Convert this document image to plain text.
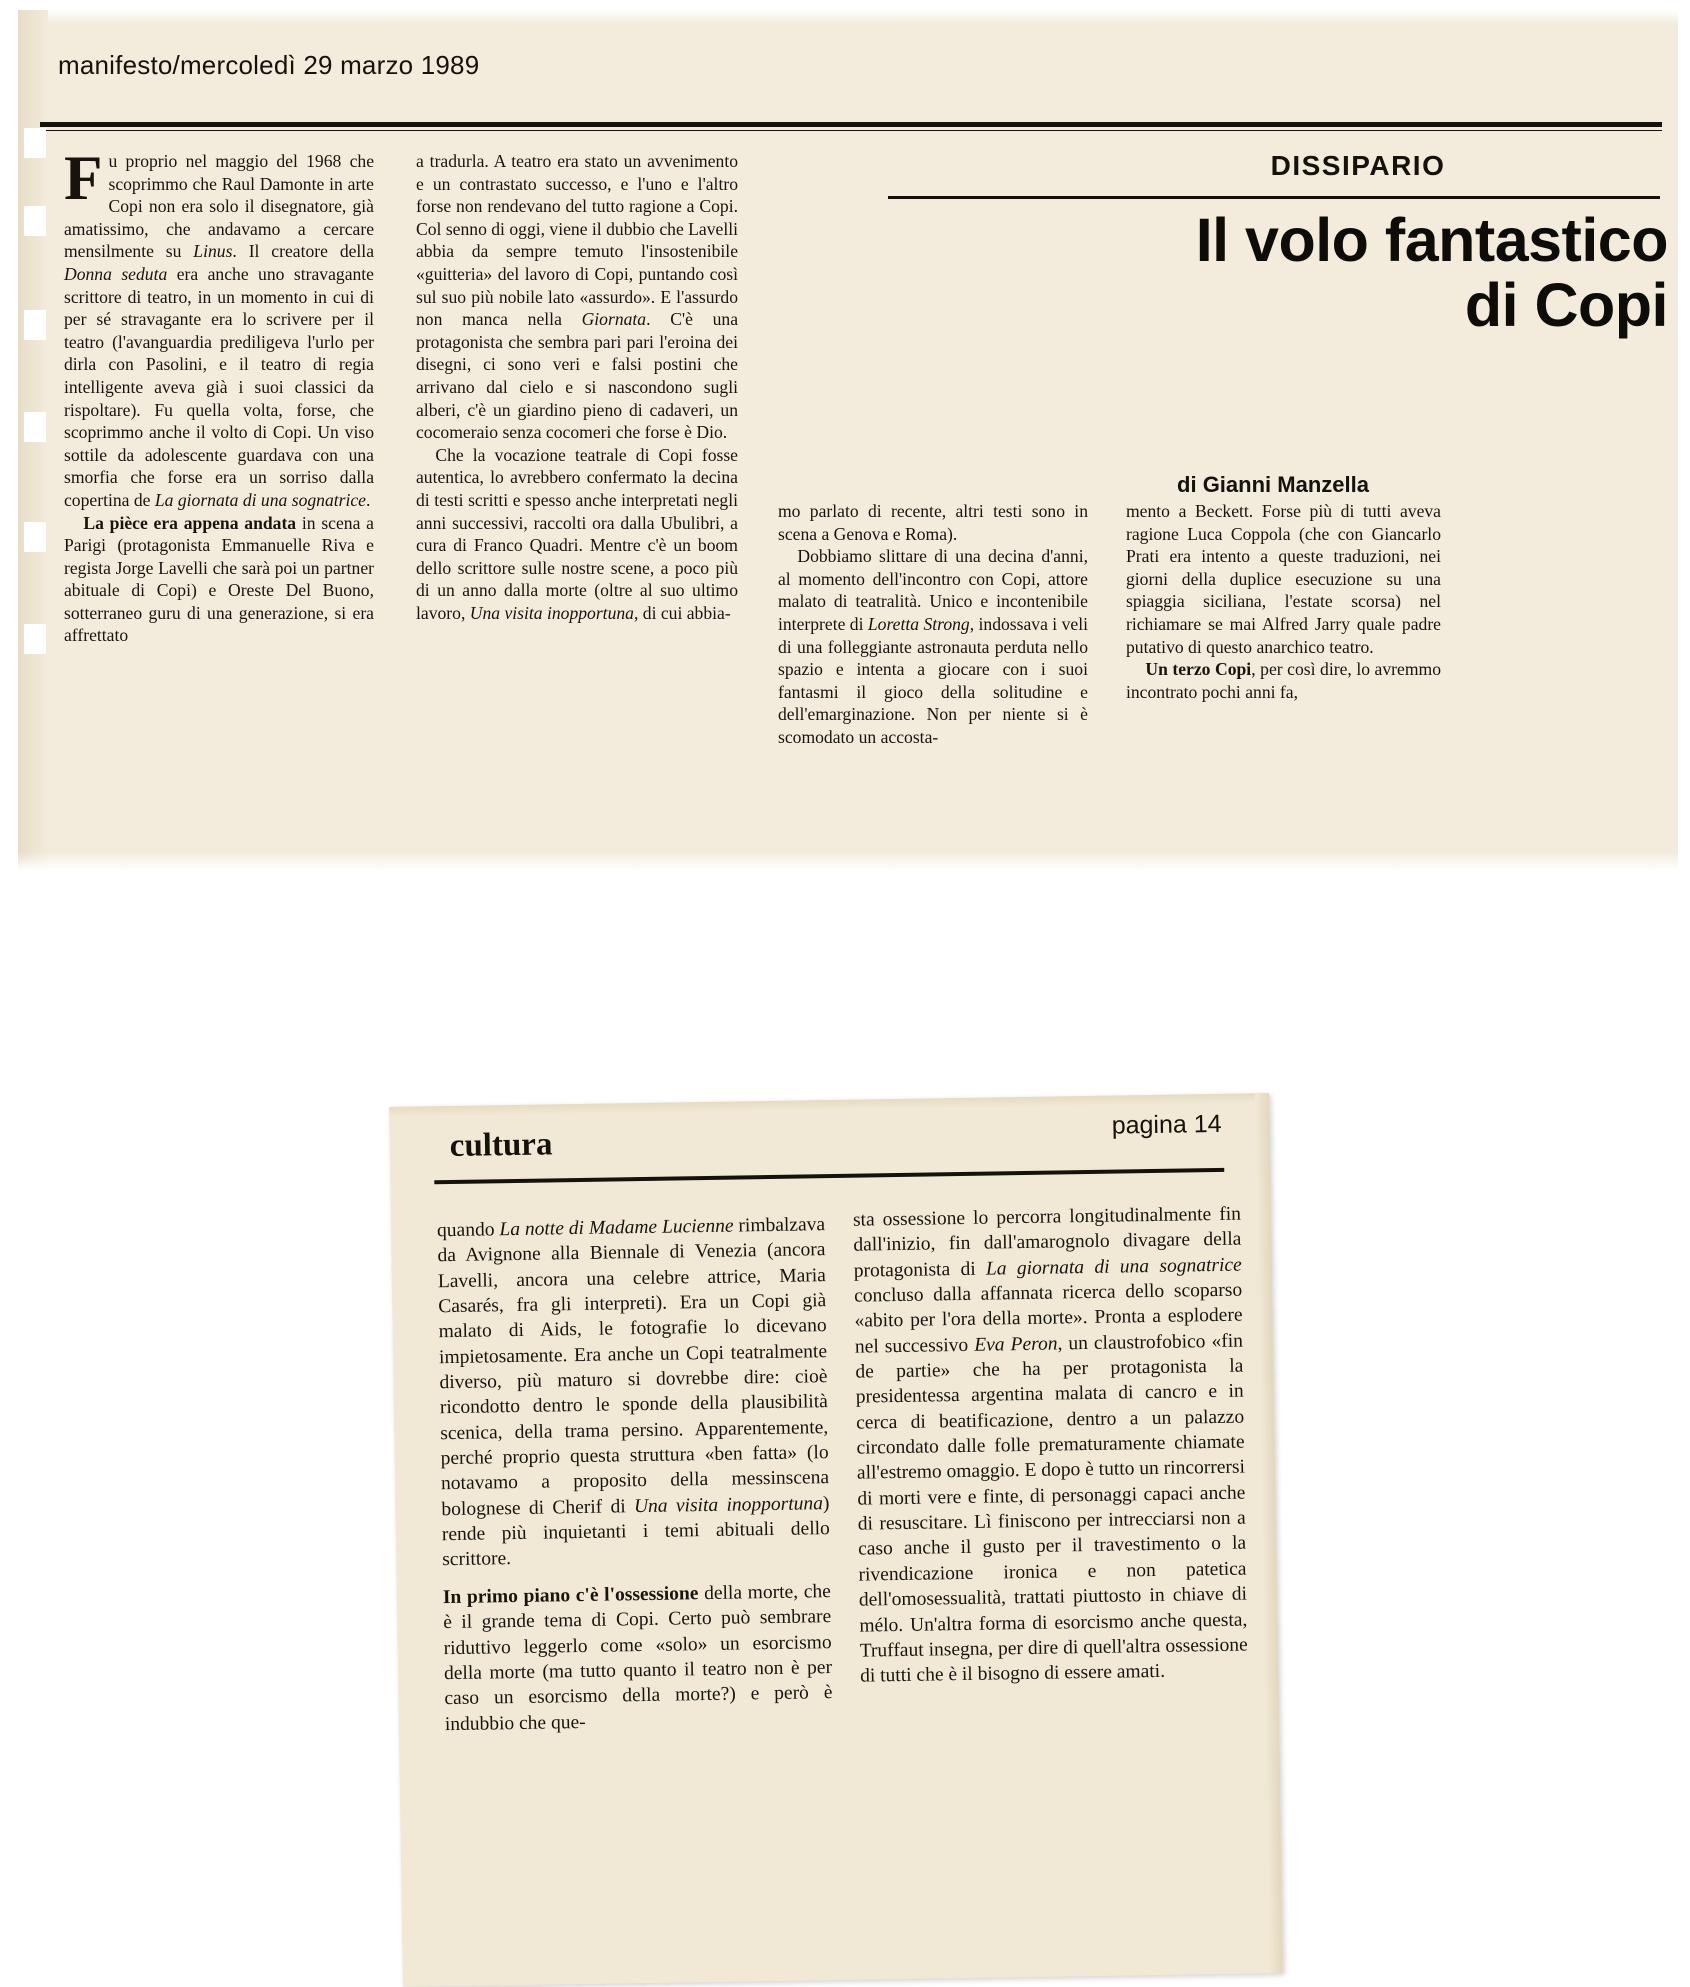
manifesto/mercoledì 29 marzo 1989
DISSIPARIO
Il volo fantastico
di Copi
di Gianni Manzella
F u proprio nel maggio del 1968 che scoprimmo che Raul Damonte in arte Copi non era solo il disegnatore, già amatissimo, che andavamo a cercare mensilmente su Linus. Il creatore della Donna seduta era anche uno stravagante scrittore di teatro, in un momento in cui di per sé stravagante era lo scrivere per il teatro (l'avanguardia prediligeva l'urlo per dirla con Pasolini, e il teatro di regia intelligente aveva già i suoi classici da rispoltare). Fu quella volta, forse, che scoprimmo anche il volto di Copi. Un viso sottile da adolescente guardava con una smorfia che forse era un sorriso dalla copertina de La giornata di una sognatrice.

La pièce era appena andata in scena a Parigi (protagonista Emmanuelle Riva e regista Jorge Lavelli che sarà poi un partner abituale di Copi) e Oreste Del Buono, sotterraneo guru di una generazione, si era affrettato

a tradurla. A teatro era stato un avvenimento e un contrastato successo, e l'uno e l'altro forse non rendevano del tutto ragione a Copi. Col senno di oggi, viene il dubbio che Lavelli abbia da sempre temuto l'insostenibile «guitteria» del lavoro di Copi, puntando così sul suo più nobile lato «assurdo». E l'assurdo non manca nella Giornata. C'è una protagonista che sembra pari pari l'eroina dei disegni, ci sono veri e falsi postini che arrivano dal cielo e si nascondono sugli alberi, c'è un giardino pieno di cadaveri, un cocomeraio senza cocomeri che forse è Dio.

Che la vocazione teatrale di Copi fosse autentica, lo avrebbero confermato la decina di testi scritti e spesso anche interpretati negli anni successivi, raccolti ora dalla Ubulibri, a cura di Franco Quadri. Mentre c'è un boom dello scrittore sulle nostre scene, a poco più di un anno dalla morte (oltre al suo ultimo lavoro, Una visita inopportuna, di cui abbia-

mo parlato di recente, altri testi sono in scena a Genova e Roma).

Dobbiamo slittare di una decina d'anni, al momento dell'incontro con Copi, attore malato di teatralità. Unico e incontenibile interprete di Loretta Strong, indossava i veli di una folleggiante astronauta perduta nello spazio e intenta a giocare con i suoi fantasmi il gioco della solitudine e dell'emarginazione. Non per niente si è scomodato un accosta-

mento a Beckett. Forse più di tutti aveva ragione Luca Coppola (che con Giancarlo Prati era intento a queste traduzioni, nei giorni della duplice esecuzione su una spiaggia siciliana, l'estate scorsa) nel richiamare se mai Alfred Jarry quale padre putativo di questo anarchico teatro.

Un terzo Copi, per così dire, lo avremmo incontrato pochi anni fa,

cultura
pagina 14

quando La notte di Madame Lucienne rimbalzava da Avignone alla Biennale di Venezia (ancora Lavelli, ancora una celebre attrice, Maria Casarés, fra gli interpreti). Era un Copi già malato di Aids, le fotografie lo dicevano impietosamente. Era anche un Copi teatralmente diverso, più maturo si dovrebbe dire: cioè ricondotto dentro le sponde della plausibilità scenica, della trama persino. Apparentemente, perché proprio questa struttura «ben fatta» (lo notavamo a proposito della messinscena bolognese di Cherif di Una visita inopportuna) rende più inquietanti i temi abituali dello scrittore.

In primo piano c'è l'ossessione della morte, che è il grande tema di Copi. Certo può sembrare riduttivo leggerlo come «solo» un esorcismo della morte (ma tutto quanto il teatro non è per caso un esorcismo della morte?) e però è indubbio che que-

sta ossessione lo percorra longitudinalmente fin dall'inizio, fin dall'amarognolo divagare della protagonista di La giornata di una sognatrice concluso dalla affannata ricerca dello scoparso «abito per l'ora della morte». Pronta a esplodere nel successivo Eva Peron, un claustrofobico «fin de partie» che ha per protagonista la presidentessa argentina malata di cancro e in cerca di beatificazione, dentro a un palazzo circondato dalle folle prematuramente chiamate all'estremo omaggio. E dopo è tutto un rincorrersi di morti vere e finte, di personaggi capaci anche di resuscitare. Lì finiscono per intrecciarsi non a caso anche il gusto per il travestimento o la rivendicazione ironica e non patetica dell'omosessualità, trattati piuttosto in chiave di mélo. Un'altra forma di esorcismo anche questa, Truffaut insegna, per dire di quell'altra ossessione di tutti che è il bisogno di essere amati.
